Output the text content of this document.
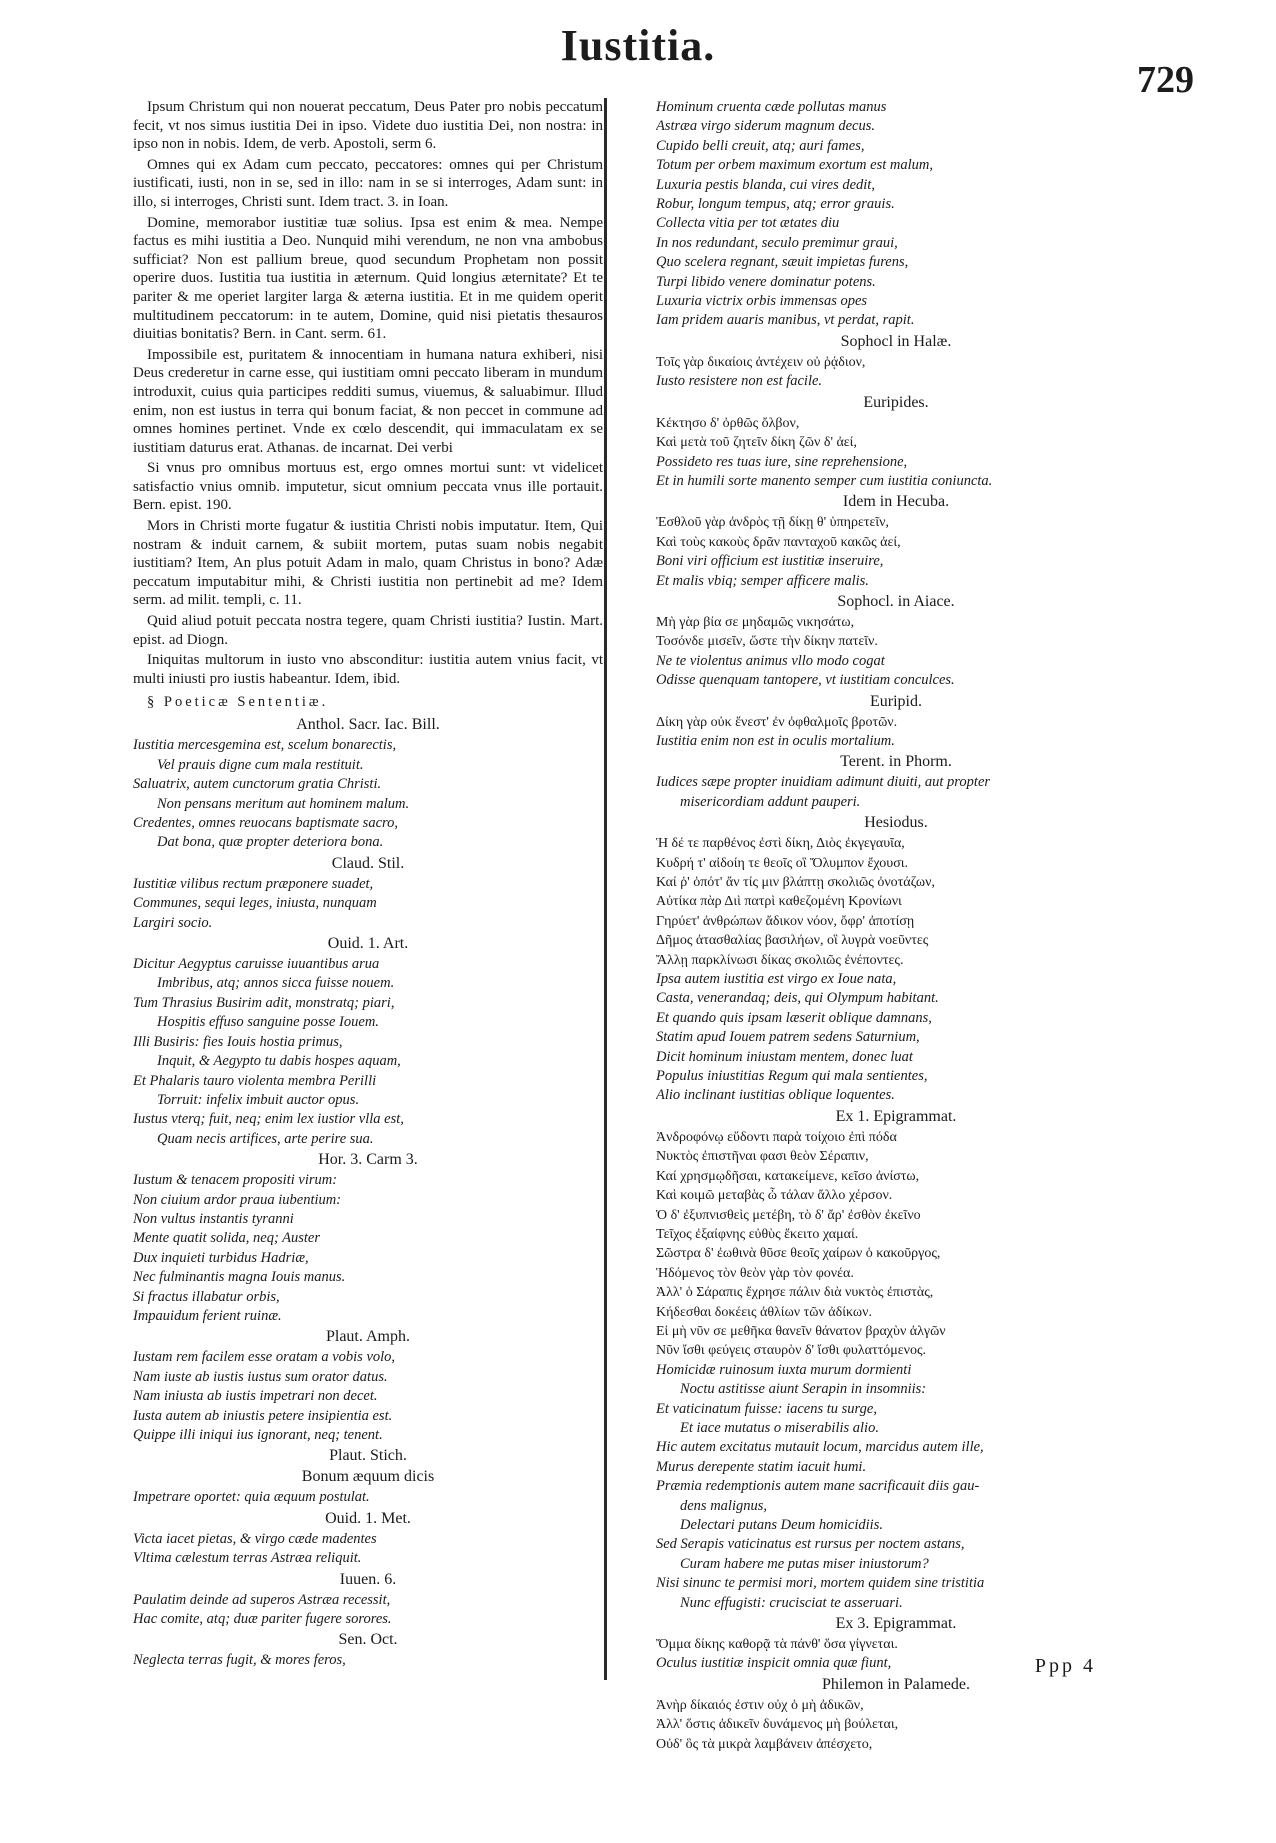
Iustitia.
729

Ipsum Christum qui non nouerat peccatum, Deus Pater pro nobis peccatum fecit, vt nos simus iustitia Dei in ipso. Videte duo iustitia Dei, non nostra: in ipso non in nobis. Idem, de verb. Apostoli, serm 6.

Omnes qui ex Adam cum peccato, peccatores: omnes qui per Christum iustificati, iusti, non in se, sed in illo: nam in se si interroges, Adam sunt: in illo, si interroges, Christi sunt. Idem tract. 3. in Ioan.

Domine, memorabor iustitiæ tuæ solius. Ipsa est enim & mea. Nempe factus es mihi iustitia a Deo. Nunquid mihi verendum, ne non vna ambobus sufficiat? Non est pallium breue, quod secundum Prophetam non possit operire duos. Iustitia tua iustitia in æternum. Quid longius æternitate? Et te pariter & me operiet largiter larga & æterna iustitia. Et in me quidem operit multitudinem peccatorum: in te autem, Domine, quid nisi pietatis thesauros diuitias bonitatis? Bern. in Cant. serm. 61.

Impossibile est, puritatem & innocentiam in humana natura exhiberi, nisi Deus crederetur in carne esse, qui iustitiam omni peccato liberam in mundum introduxit, cuius quia participes redditi sumus, viuemus, & saluabimur. Illud enim, non est iustus in terra qui bonum faciat, & non peccet in commune ad omnes homines pertinet. Vnde ex cœlo descendit, qui immaculatam ex se iustitiam daturus erat. Athanas. de incarnat. Dei verbi

Si vnus pro omnibus mortuus est, ergo omnes mortui sunt: vt videlicet satisfactio vnius omnib. imputetur, sicut omnium peccata vnus ille portauit. Bern. epist. 190.

Mors in Christi morte fugatur & iustitia Christi nobis imputatur. Item, Qui nostram & induit carnem, & subiit mortem, putas suam nobis negabit iustitiam? Item, An plus potuit Adam in malo, quam Christus in bono? Adæ peccatum imputabitur mihi, & Christi iustitia non pertinebit ad me? Idem serm. ad milit. templi, c. 11.

Quid aliud potuit peccata nostra tegere, quam Christi iustitia? Iustin. Mart. epist. ad Diogn.

Iniquitas multorum in iusto vno absconditur: iustitia autem vnius facit, vt multi iniusti pro iustis habeantur. Idem, ibid.

§ Poeticæ Sententiæ.
Anthol. Sacr. Iac. Bill.
Iustitia mercesgemina est, scelum bonarectis,
Vel prauis digne cum mala restituit.
Saluatrix, autem cunctorum gratia Christi.
Non pensans meritum aut hominem malum.
Credentes, omnes reuocans baptismate sacro,
Dat bona, quæ propter deteriora bona.
Claud. Stil.
Iustitiæ vilibus rectum præponere suadet,
Communes, sequi leges, iniusta, nunquam
Largiri socio.
Ouid. 1. Art.
Dicitur Aegyptus caruisse iuuantibus arua
Imbribus, atq; annos sicca fuisse nouem.
Tum Thrasius Busirim adit, monstratq; piari,
Hospitis effuso sanguine posse Iouem.
Illi Busiris: fies Iouis hostia primus,
Inquit, & Aegypto tu dabis hospes aquam,
Et Phalaris tauro violenta membra Perilli
Torruit: infelix imbuit auctor opus.
Iustus vterq; fuit, neq; enim lex iustior vlla est,
Quam necis artifices, arte perire sua.
Hor. 3. Carm 3.
Iustum & tenacem propositi virum:
Non ciuium ardor praua iubentium:
Non vultus instantis tyranni
Mente quatit solida, neq; Auster
Dux inquieti turbidus Hadriæ,
Nec fulminantis magna Iouis manus.
Si fractus illabatur orbis,
Impauidum ferient ruinæ.
Plaut. Amph.
Iustam rem facilem esse oratam a vobis volo,
Nam iuste ab iustis iustus sum orator datus.
Nam iniusta ab iustis impetrari non decet.
Iusta autem ab iniustis petere insipientia est.
Quippe illi iniqui ius ignorant, neq; tenent.
Plaut. Stich.
Bonum æquum dicis
Impetrare oportet: quia æquum postulat.
Ouid. 1. Met.
Victa iacet pietas, & virgo cæde madentes
Vltima cælestum terras Astræa reliquit.
Iuuen. 6.
Paulatim deinde ad superos Astræa recessit,
Hac comite, atq; duæ pariter fugere sorores.
Sen. Oct.
Neglecta terras fugit, & mores feros,
Hominum cruenta cæde pollutas manus
Astræa virgo siderum magnum decus.
Cupido belli creuit, atq; auri fames,
Totum per orbem maximum exortum est malum,
Luxuria pestis blanda, cui vires dedit,
Robur, longum tempus, atq; error grauis.
Collecta vitia per tot ætates diu
In nos redundant, seculo premimur graui,
Quo scelera regnant, sæuit impietas furens,
Turpi libido venere dominatur potens.
Luxuria victrix orbis immensas opes
Iam pridem auaris manibus, vt perdat, rapit.
Sophocl in Halæ.
Τοῖς γὰρ δικαίοις ἀντέχειν οὐ ῥᾴδιον,
Iusto resistere non est facile.
Euripides.
Κέκτησο δ' ὀρθῶς ὄλβον,
Καὶ μετὰ τοῦ ζητεῖν δίκη ζῶν δ' ἀεί,
Possideto res tuas iure, sine reprehensione,
Et in humili sorte manento semper cum iustitia coniuncta.
Idem in Hecuba.
Ἐσθλοῦ γὰρ ἀνδρὸς τῇ δίκῃ θ' ὑπηρετεῖν,
Καὶ τοὺς κακοὺς δρᾶν πανταχοῦ κακῶς ἀεί,
Boni viri officium est iustitiæ inseruire,
Et malis vbiq; semper afficere malis.
Sophocl. in Aiace.
Μὴ γὰρ βία σε μηδαμῶς νικησάτω,
Τοσόνδε μισεῖν, ὥστε τὴν δίκην πατεῖν.
Ne te violentus animus vllo modo cogat
Odisse quenquam tantopere, vt iustitiam conculces.
Euripid.
Δίκη γὰρ οὐκ ἔνεστ' ἐν ὀφθαλμοῖς βροτῶν.
Iustitia enim non est in oculis mortalium.
Terent. in Phorm.
Iudices sæpe propter inuidiam adimunt diuiti, aut propter
misericordiam addunt pauperi.
Hesiodus.
Ἡ δέ τε παρθένος ἐστὶ δίκη, Διὸς ἐκγεγαυῖα,
Κυδρή τ' αἰδοίη τε θεοῖς οἳ Ὄλυμπον ἔχουσι.
Καί ῥ' ὁπότ' ἄν τίς μιν βλάπτῃ σκολιῶς ὀνοτάζων,
Αὐτίκα πὰρ Διὶ πατρὶ καθεζομένη Κρονίωνι
Γηρύετ' ἀνθρώπων ἄδικον νόον, ὄφρ' ἀποτίσῃ
Δῆμος ἀτασθαλίας βασιλήων, οἳ λυγρὰ νοεῦντες
Ἄλλῃ παρκλίνωσι δίκας σκολιῶς ἐνέποντες.
Ipsa autem iustitia est virgo ex Ioue nata,
Casta, venerandaq; deis, qui Olympum habitant.
Et quando quis ipsam læserit oblique damnans,
Statim apud Iouem patrem sedens Saturnium,
Dicit hominum iniustam mentem, donec luat
Populus iniustitias Regum qui mala sentientes,
Alio inclinant iustitias oblique loquentes.
Ex 1. Epigrammat.
Ἀνδροφόνῳ εὕδοντι παρὰ τοίχοιο ἐπὶ πόδα
Νυκτὸς ἐπιστῆναι φασι θεὸν Σέραπιν,
Καί χρησμῳδῆσαι, κατακείμενε, κεῖσο ἀνίστω,
Καὶ κοιμῶ μεταβὰς ὦ τάλαν ἄλλο χέρσον.
Ὁ δ' ἐξυπνισθεὶς μετέβη, τὸ δ' ἄρ' ἐσθὸν ἐκεῖνο
Τεῖχος ἐξαίφνης εὐθὺς ἔκειτο χαμαί.
Σῶστρα δ' ἐωθινὰ θῦσε θεοῖς χαίρων ὁ κακοῦργος,
Ἡδόμενος τὸν θεὸν γὰρ τὸν φονέα.
Ἀλλ' ὁ Σάραπις ἔχρησε πάλιν διὰ νυκτὸς ἐπιστὰς,
Κήδεσθαι δοκέεις ἀθλίων τῶν ἀδίκων.
Εἰ μὴ νῦν σε μεθῆκα θανεῖν θάνατον βραχὺν ἀλγῶν
Νῦν ἴσθι φεύγεις σταυρὸν δ' ἴσθι φυλαττόμενος.
Homicidæ ruinosum iuxta murum dormienti
Noctu astitisse aiunt Serapin in insomniis:
Et vaticinatum fuisse: iacens tu surge,
Et iace mutatus o miserabilis alio.
Hic autem excitatus mutauit locum, marcidus autem ille,
Murus derepente statim iacuit humi.
Præmia redemptionis autem mane sacrificauit diis gau-
dens malignus,
Delectari putans Deum homicidiis.
Sed Serapis vaticinatus est rursus per noctem astans,
Curam habere me putas miser iniustorum?
Nisi sinunc te permisi mori, mortem quidem sine tristitia
Nunc effugisti: crucisciat te asseruari.
Ex 3. Epigrammat.
Ὄμμα δίκης καθορᾷ τὰ πάνθ' ὅσα γίγνεται.
Oculus iustitiæ inspicit omnia quæ fiunt,
Philemon in Palamede.
Ἀνὴρ δίκαιός ἐστιν οὐχ ὁ μὴ ἀδικῶν,
Ἀλλ' ὅστις ἀδικεῖν δυνάμενος μὴ βούλεται,
Οὐδ' ὃς τὰ μικρὰ λαμβάνειν ἀπέσχετο,
Ppp 4
